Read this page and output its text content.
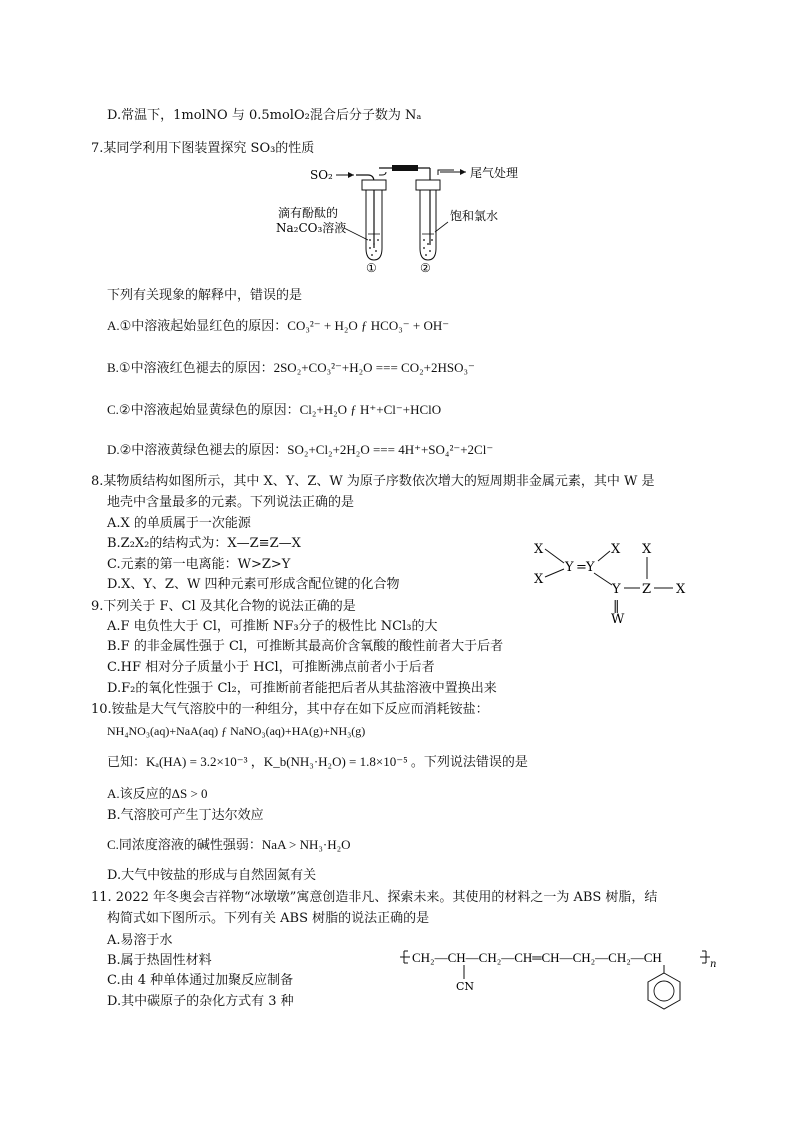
D.常温下，1molNO 与 0.5molO₂混合后分子数为 Nₐ
7.某同学利用下图装置探究 SO₃的性质
SO₂	尾气处理
滴有酚酞的
Na₂CO₃溶液
饱和氯水
①	②
下列有关现象的解释中，错误的是
A.①中溶液起始显红色的原因：CO₃²⁻ + H₂O ƒ HCO₃⁻ + OH⁻
B.①中溶液红色褪去的原因：2SO₂+CO₃²⁻+H₂O === CO₂+2HSO₃⁻
C.②中溶液起始显黄绿色的原因：Cl₂+H₂O ƒ H⁺+Cl⁻+HClO
D.②中溶液黄绿色褪去的原因：SO₂+Cl₂+2H₂O === 4H⁺+SO₄²⁻+2Cl⁻
8.某物质结构如图所示，其中 X、Y、Z、W 为原子序数依次增大的短周期非金属元素，其中 W 是
地壳中含量最多的元素。下列说法正确的是
A.X 的单质属于一次能源
B.Z₂X₂的结构式为：X—Z≡Z—X
C.元素的第一电离能：W>Z>Y
D.X、Y、Z、W 四种元素可形成含配位键的化合物
X
X
Y = Y
X
Y
‖
W
Z
X
X
9.下列关于 F、Cl 及其化合物的说法正确的是
A.F 电负性大于 Cl，可推断 NF₃分子的极性比 NCl₃的大
B.F 的非金属性强于 Cl，可推断其最高价含氧酸的酸性前者大于后者
C.HF 相对分子质量小于 HCl，可推断沸点前者小于后者
D.F₂的氧化性强于 Cl₂，可推断前者能把后者从其盐溶液中置换出来
10.铵盐是大气气溶胶中的一种组分，其中存在如下反应而消耗铵盐：
NH₄NO₃(aq)+NaA(aq) ƒ NaNO₃(aq)+HA(g)+NH₃(g)
已知：Kₐ(HA) = 3.2×10⁻³ ，K_b(NH₃·H₂O) = 1.8×10⁻⁵ 。下列说法错误的是
A.该反应的ΔS > 0
B.气溶胶可产生丁达尔效应
C.同浓度溶液的碱性强弱：NaA > NH₃·H₂O
D.大气中铵盐的形成与自然固氮有关
11. 2022 年冬奥会吉祥物“冰墩墩”寓意创造非凡、探索未来。其使用的材料之一为 ABS 树脂，结
构简式如下图所示。下列有关 ABS 树脂的说法正确的是
A.易溶于水
B.属于热固性材料
C.由 4 种单体通过加聚反应制备
D.其中碳原子的杂化方式有 3 种
CH₂—CH—CH₂—CH═CH—CH₂—CH₂—CH
CN
n
